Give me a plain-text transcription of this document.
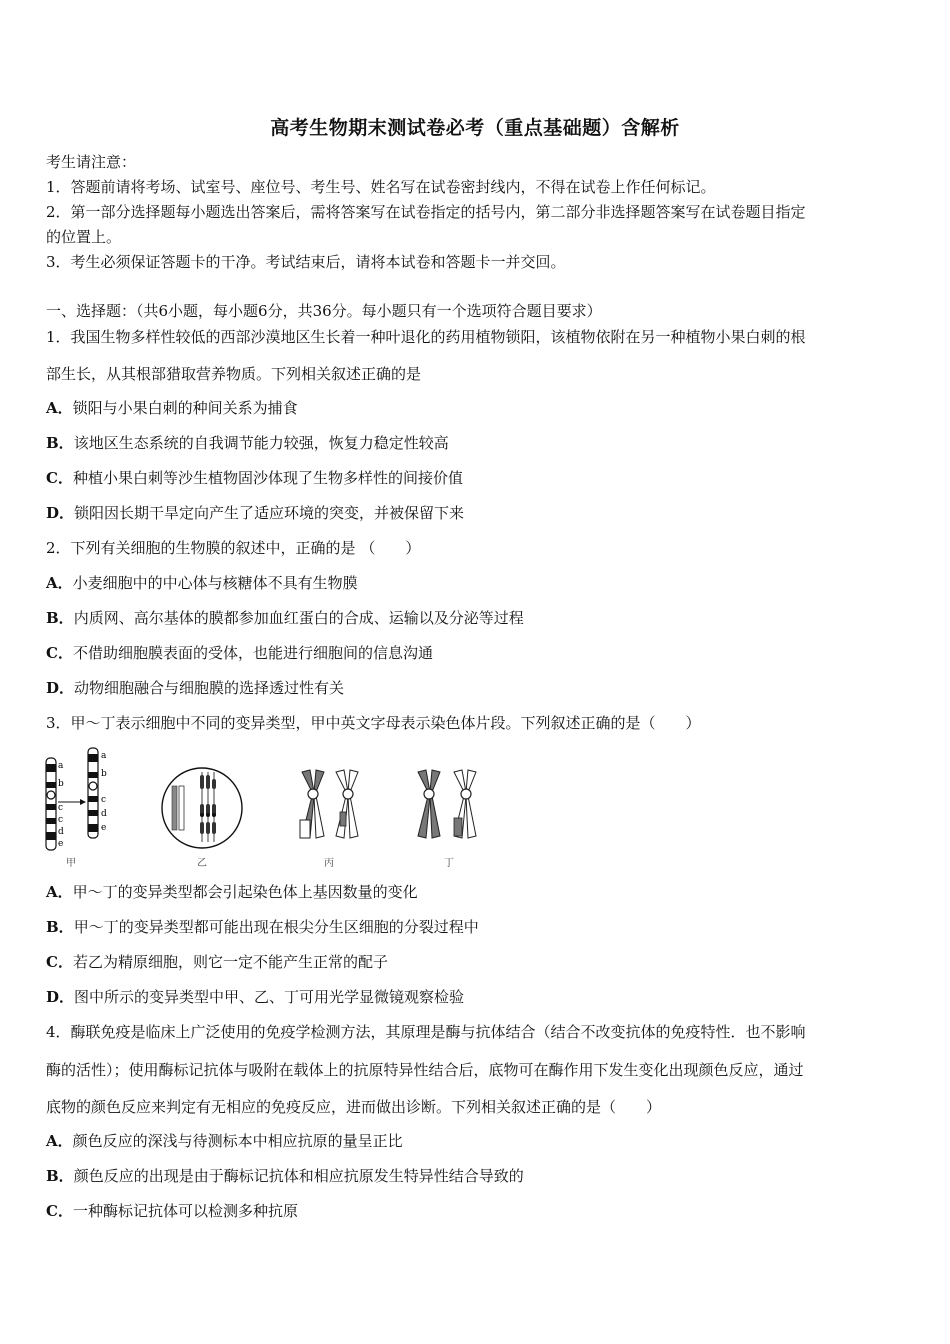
高考生物期末测试卷必考（重点基础题）含解析
考生请注意：
1．答题前请将考场、试室号、座位号、考生号、姓名写在试卷密封线内，不得在试卷上作任何标记。
2．第一部分选择题每小题选出答案后，需将答案写在试卷指定的括号内，第二部分非选择题答案写在试卷题目指定
的位置上。
3．考生必须保证答题卡的干净。考试结束后，请将本试卷和答题卡一并交回。
一、选择题：（共6小题，每小题6分，共36分。每小题只有一个选项符合题目要求）
1．我国生物多样性较低的西部沙漠地区生长着一种叶退化的药用植物锁阳，该植物依附在另一种植物小果白刺的根
部生长，从其根部猎取营养物质。下列相关叙述正确的是
A．锁阳与小果白刺的种间关系为捕食
B．该地区生态系统的自我调节能力较强，恢复力稳定性较高
C．种植小果白刺等沙生植物固沙体现了生物多样性的间接价值
D．锁阳因长期干旱定向产生了适应环境的突变，并被保留下来
2．下列有关细胞的生物膜的叙述中，正确的是 （　　）
A．小麦细胞中的中心体与核糖体不具有生物膜
B．内质网、高尔基体的膜都参加血红蛋白的合成、运输以及分泌等过程
C．不借助细胞膜表面的受体，也能进行细胞间的信息沟通
D．动物细胞融合与细胞膜的选择透过性有关
3．甲～丁表示细胞中不同的变异类型，甲中英文字母表示染色体片段。下列叙述正确的是（　　）
a
b
c
c
d
e
a
b
c
d
e
甲	乙	丙	丁
A．甲～丁的变异类型都会引起染色体上基因数量的变化
B．甲～丁的变异类型都可能出现在根尖分生区细胞的分裂过程中
C．若乙为精原细胞，则它一定不能产生正常的配子
D．图中所示的变异类型中甲、乙、丁可用光学显微镜观察检验
4．酶联免疫是临床上广泛使用的免疫学检测方法，其原理是酶与抗体结合（结合不改变抗体的免疫特性．也不影响
酶的活性）；使用酶标记抗体与吸附在载体上的抗原特异性结合后，底物可在酶作用下发生变化出现颜色反应，通过
底物的颜色反应来判定有无相应的免疫反应，进而做出诊断。下列相关叙述正确的是（　　）
A．颜色反应的深浅与待测标本中相应抗原的量呈正比
B．颜色反应的出现是由于酶标记抗体和相应抗原发生特异性结合导致的
C．一种酶标记抗体可以检测多种抗原
